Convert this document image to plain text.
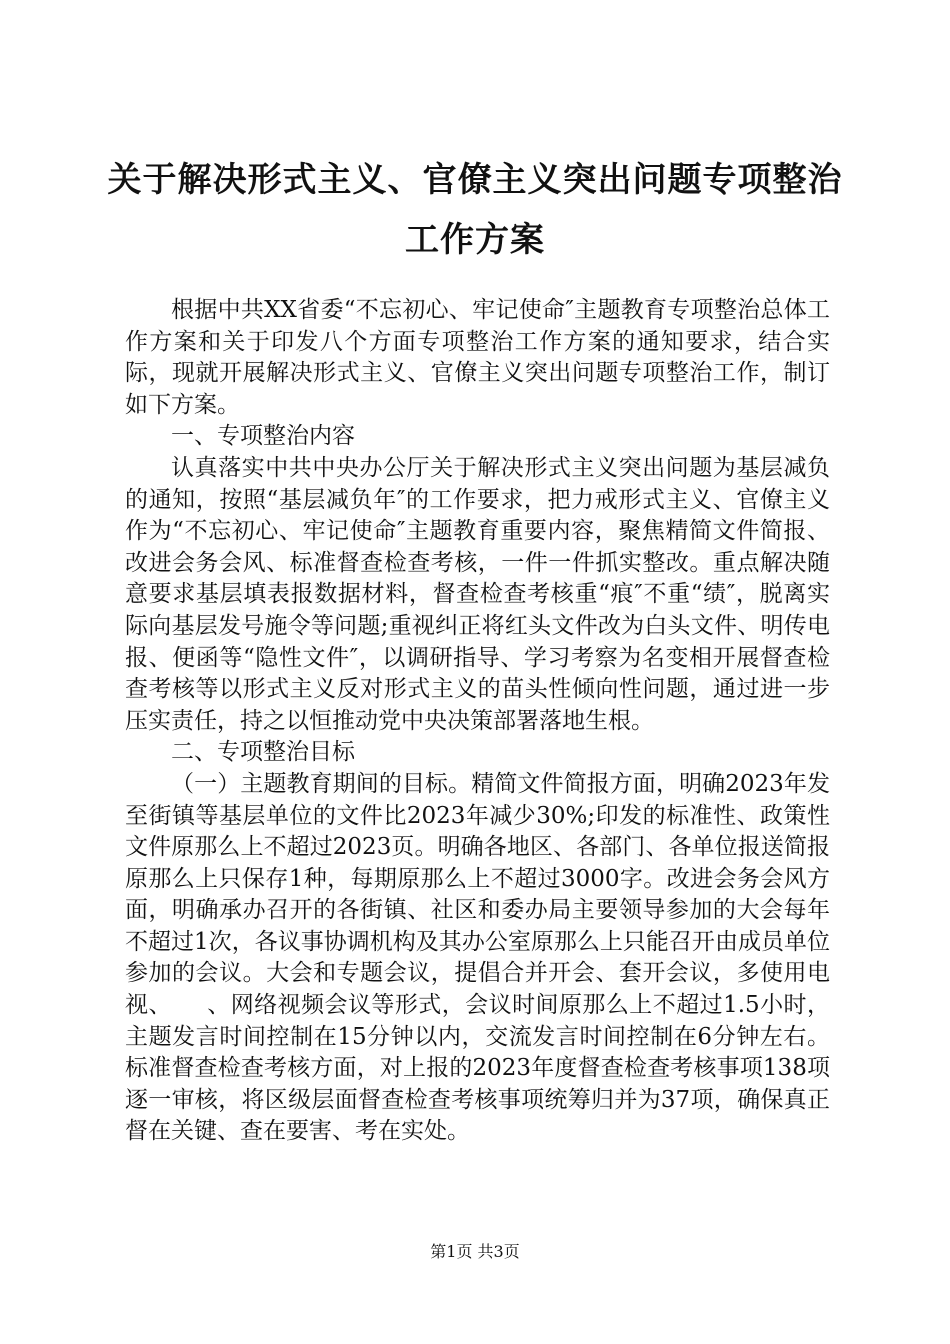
关于解决形式主义、官僚主义突出问题专项整治工作方案

根据中共XX省委“不忘初心、牢记使命″主题教育专项整治总体工作方案和关于印发八个方面专项整治工作方案的通知要求，结合实际，现就开展解决形式主义、官僚主义突出问题专项整治工作，制订如下方案。

一、专项整治内容

认真落实中共中央办公厅关于解决形式主义突出问题为基层减负的通知，按照“基层减负年″的工作要求，把力戒形式主义、官僚主义作为“不忘初心、牢记使命″主题教育重要内容，聚焦精简文件简报、改进会务会风、标准督查检查考核，一件一件抓实整改。重点解决随意要求基层填表报数据材料，督查检查考核重“痕″不重“绩″，脱离实际向基层发号施令等问题;重视纠正将红头文件改为白头文件、明传电报、便函等“隐性文件″，以调研指导、学习考察为名变相开展督查检查考核等以形式主义反对形式主义的苗头性倾向性问题，通过进一步压实责任，持之以恒推动党中央决策部署落地生根。

二、专项整治目标

（一）主题教育期间的目标。精简文件简报方面，明确2023年发至街镇等基层单位的文件比2023年减少30%;印发的标准性、政策性文件原那么上不超过2023页。明确各地区、各部门、各单位报送简报原那么上只保存1种，每期原那么上不超过3000字。改进会务会风方面，明确承办召开的各街镇、社区和委办局主要领导参加的大会每年不超过1次，各议事协调机构及其办公室原那么上只能召开由成员单位参加的会议。大会和专题会议，提倡合并开会、套开会议，多使用电视、　　、网络视频会议等形式，会议时间原那么上不超过1.5小时，主题发言时间控制在15分钟以内，交流发言时间控制在6分钟左右。标准督查检查考核方面，对上报的2023年度督查检查考核事项138项逐一审核，将区级层面督查检查考核事项统筹归并为37项，确保真正督在关键、查在要害、考在实处。

第1页 共3页
